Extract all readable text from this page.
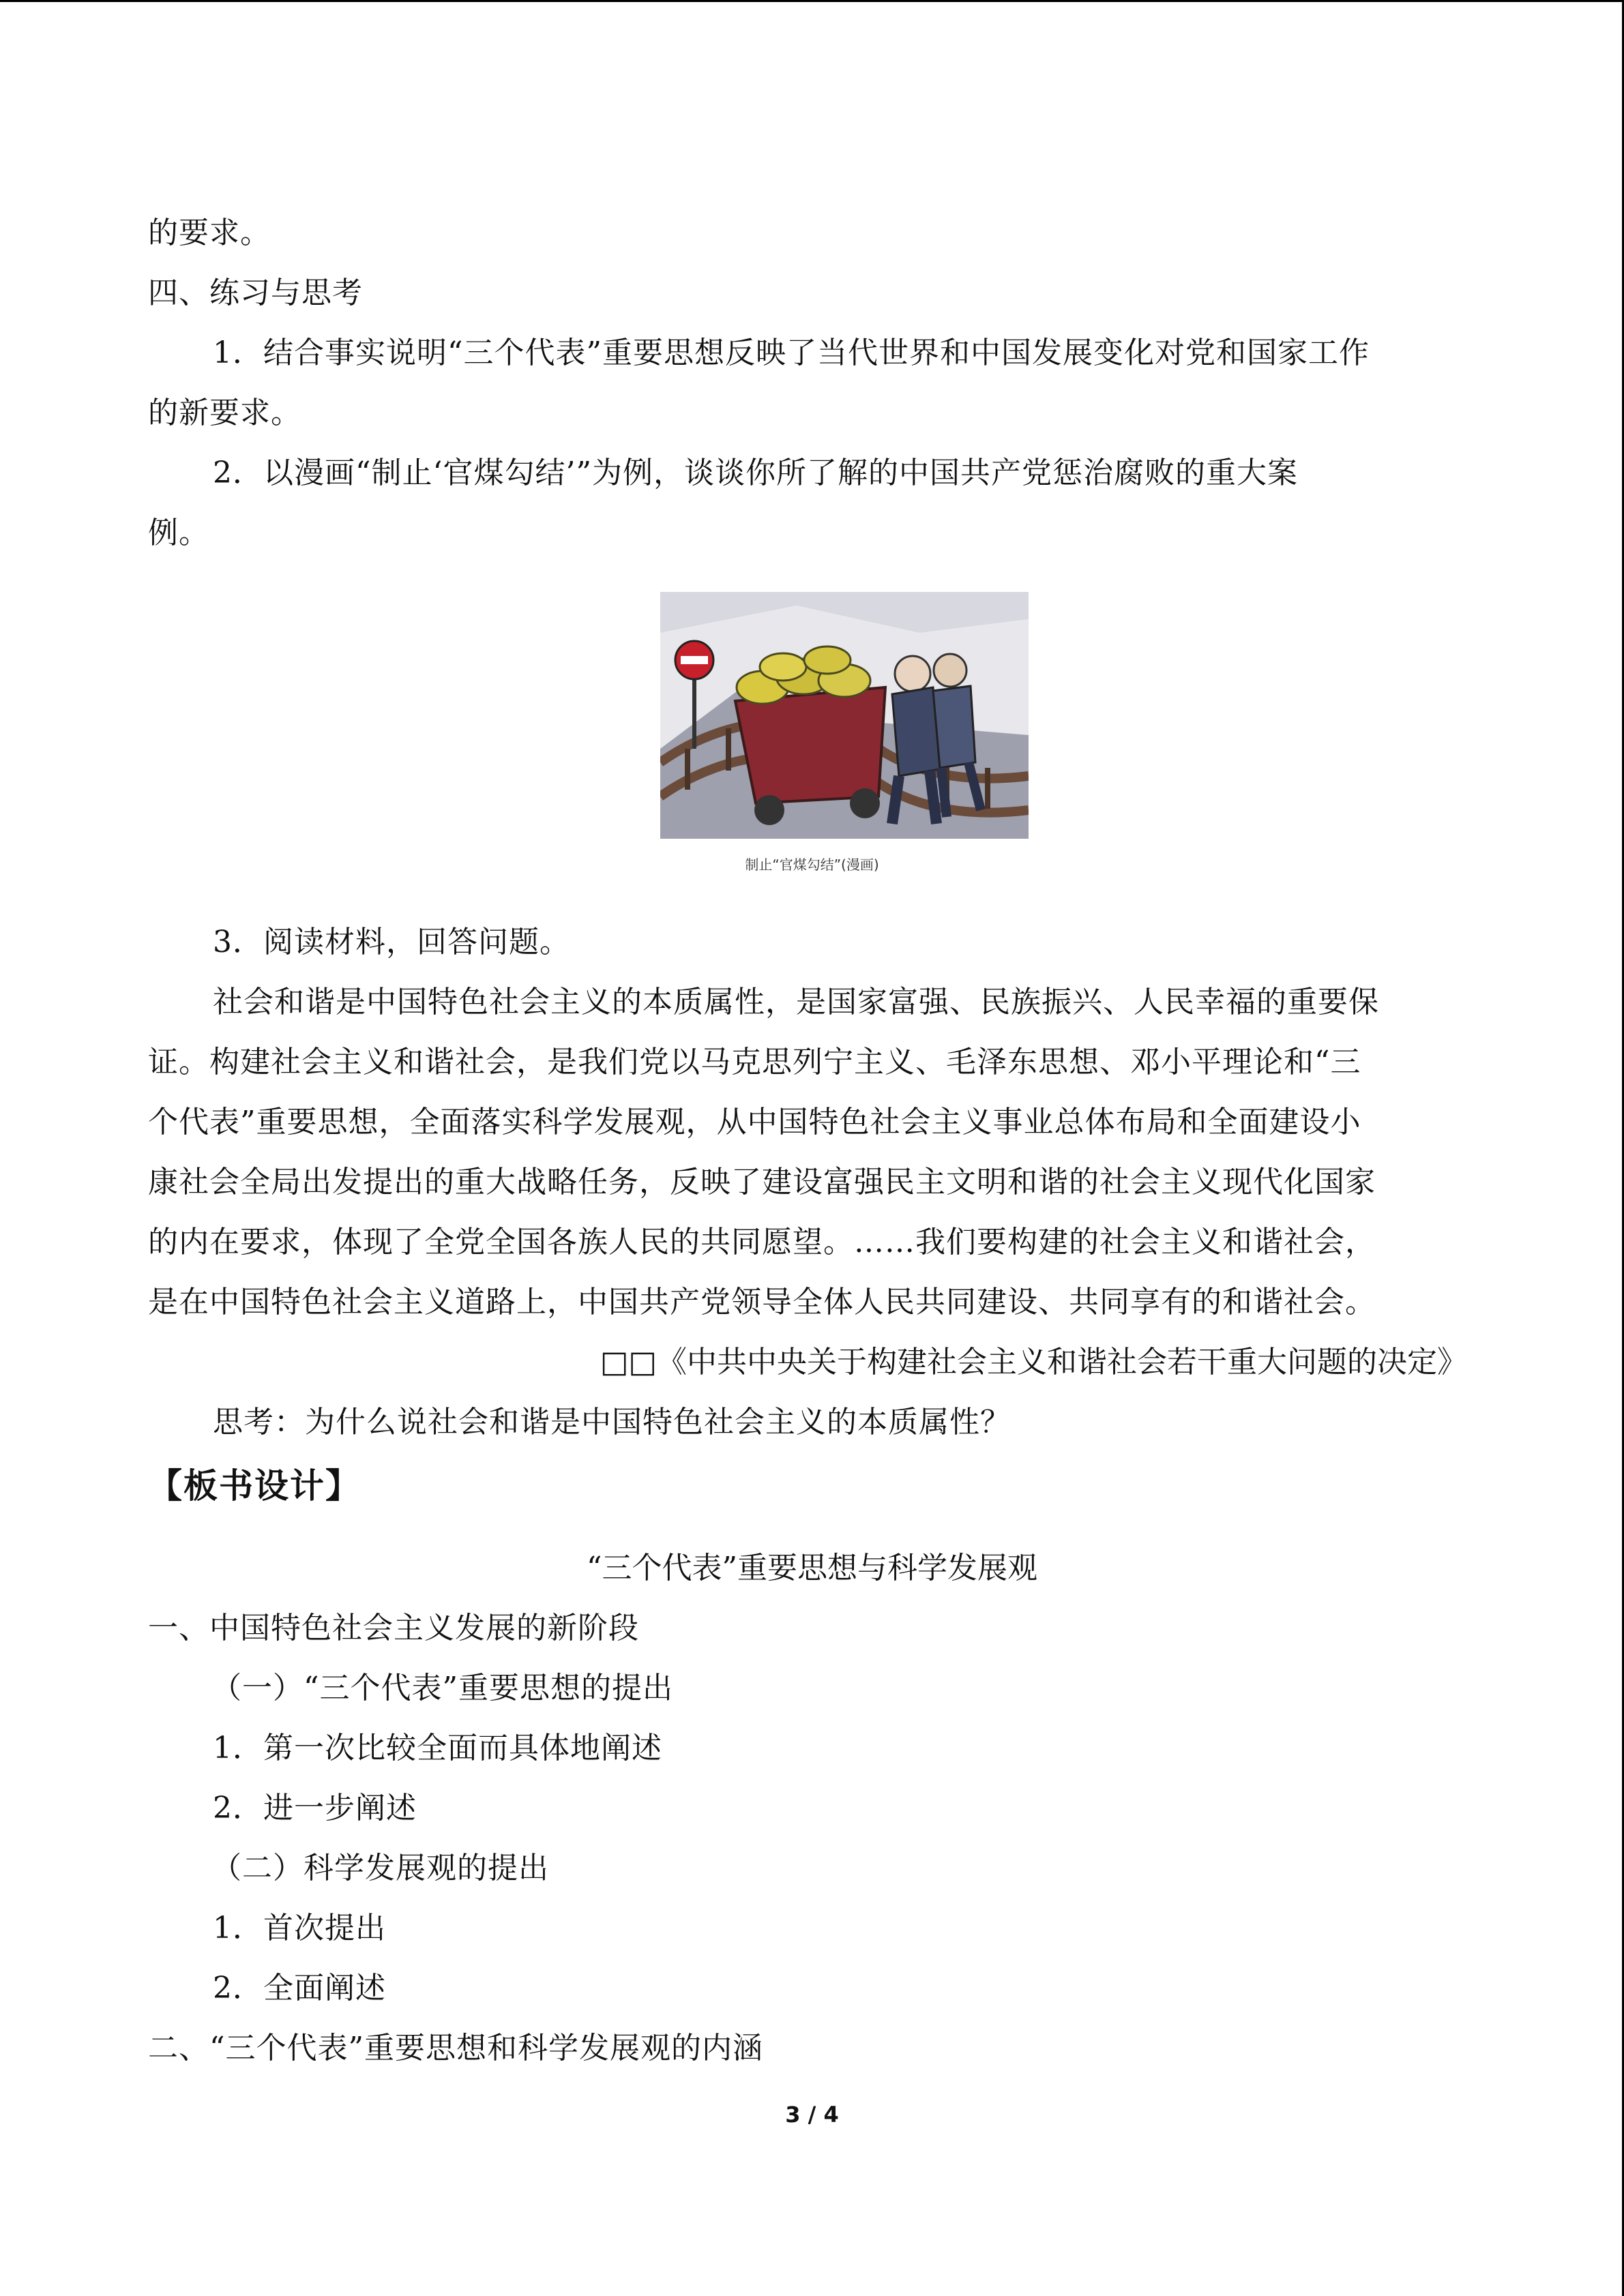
的要求。
四、练习与思考
1．结合事实说明“三个代表”重要思想反映了当代世界和中国发展变化对党和国家工作
的新要求。
2．以漫画“制止‘官煤勾结’”为例，谈谈你所了解的中国共产党惩治腐败的重大案
例。
制止“官煤勾结”(漫画)
3．阅读材料，回答问题。
社会和谐是中国特色社会主义的本质属性，是国家富强、民族振兴、人民幸福的重要保
证。构建社会主义和谐社会，是我们党以马克思列宁主义、毛泽东思想、邓小平理论和“三
个代表”重要思想，全面落实科学发展观，从中国特色社会主义事业总体布局和全面建设小
康社会全局出发提出的重大战略任务，反映了建设富强民主文明和谐的社会主义现代化国家
的内在要求，体现了全党全国各族人民的共同愿望。……我们要构建的社会主义和谐社会，
是在中国特色社会主义道路上，中国共产党领导全体人民共同建设、共同享有的和谐社会。
□□《中共中央关于构建社会主义和谐社会若干重大问题的决定》
思考：为什么说社会和谐是中国特色社会主义的本质属性？
【板书设计】
“三个代表”重要思想与科学发展观
一、中国特色社会主义发展的新阶段
（一）“三个代表”重要思想的提出
1．第一次比较全面而具体地阐述
2．进一步阐述
（二）科学发展观的提出
1．首次提出
2．全面阐述
二、“三个代表”重要思想和科学发展观的内涵
3 / 4
